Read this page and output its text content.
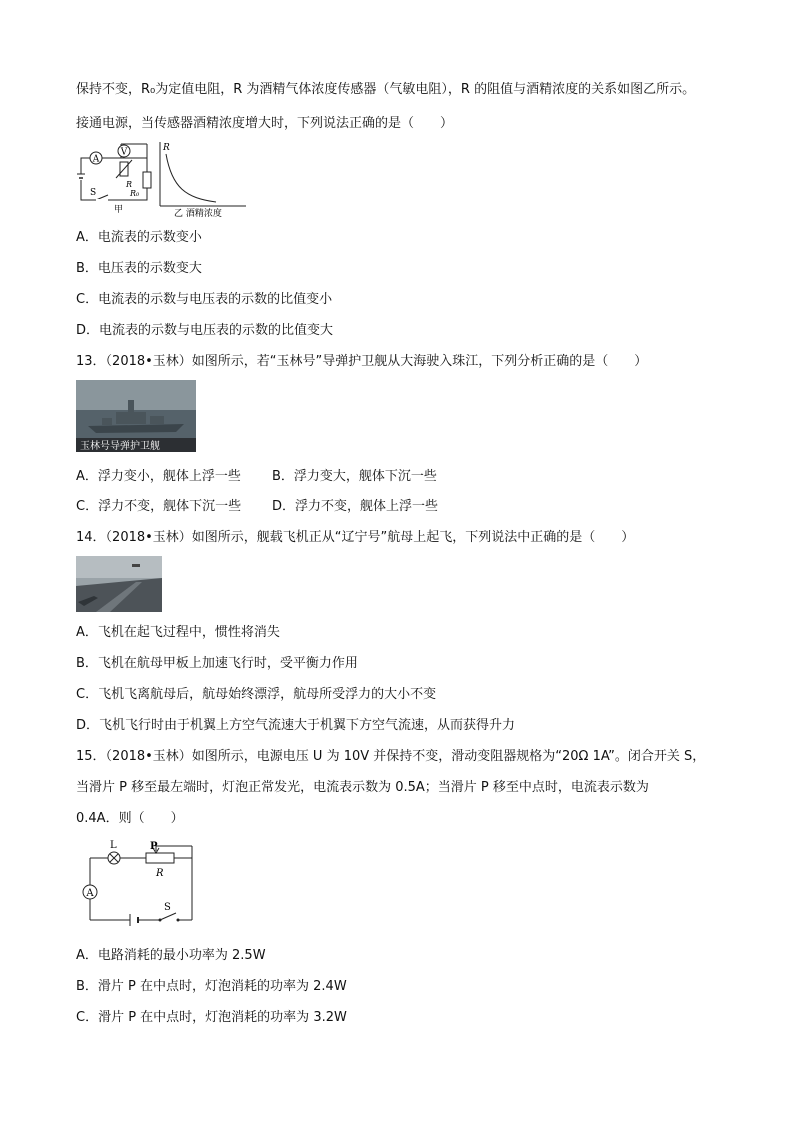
保持不变，R₀为定值电阻，R 为酒精气体浓度传感器（气敏电阻），R 的阻值与酒精浓度的关系如图乙所示。
接通电源，当传感器酒精浓度增大时，下列说法正确的是（　　）
A
V
R
R₀
S
甲
R
乙 酒精浓度
A．电流表的示数变小
B．电压表的示数变大
C．电流表的示数与电压表的示数的比值变小
D．电流表的示数与电压表的示数的比值变大
13．（2018•玉林）如图所示，若“玉林号”导弹护卫舰从大海驶入珠江，下列分析正确的是（　　）
玉林号导弹护卫舰
A．浮力变小，舰体上浮一些 B．浮力变大，舰体下沉一些
C．浮力不变，舰体下沉一些 D．浮力不变，舰体上浮一些
14．（2018•玉林）如图所示，舰载飞机正从“辽宁号”航母上起飞，下列说法中正确的是（　　）
A．飞机在起飞过程中，惯性将消失
B．飞机在航母甲板上加速飞行时，受平衡力作用
C．飞机飞离航母后，航母始终漂浮，航母所受浮力的大小不变
D．飞机飞行时由于机翼上方空气流速大于机翼下方空气流速，从而获得升力
15．（2018•玉林）如图所示，电源电压 U 为 10V 并保持不变，滑动变阻器规格为“20Ω 1A”。闭合开关 S，
当滑片 P 移至最左端时，灯泡正常发光，电流表示数为 0.5A；当滑片 P 移至中点时，电流表示数为
0.4A．则（　　）
L	P
R
A
S
A．电路消耗的最小功率为 2.5W
B．滑片 P 在中点时，灯泡消耗的功率为 2.4W
C．滑片 P 在中点时，灯泡消耗的功率为 3.2W
